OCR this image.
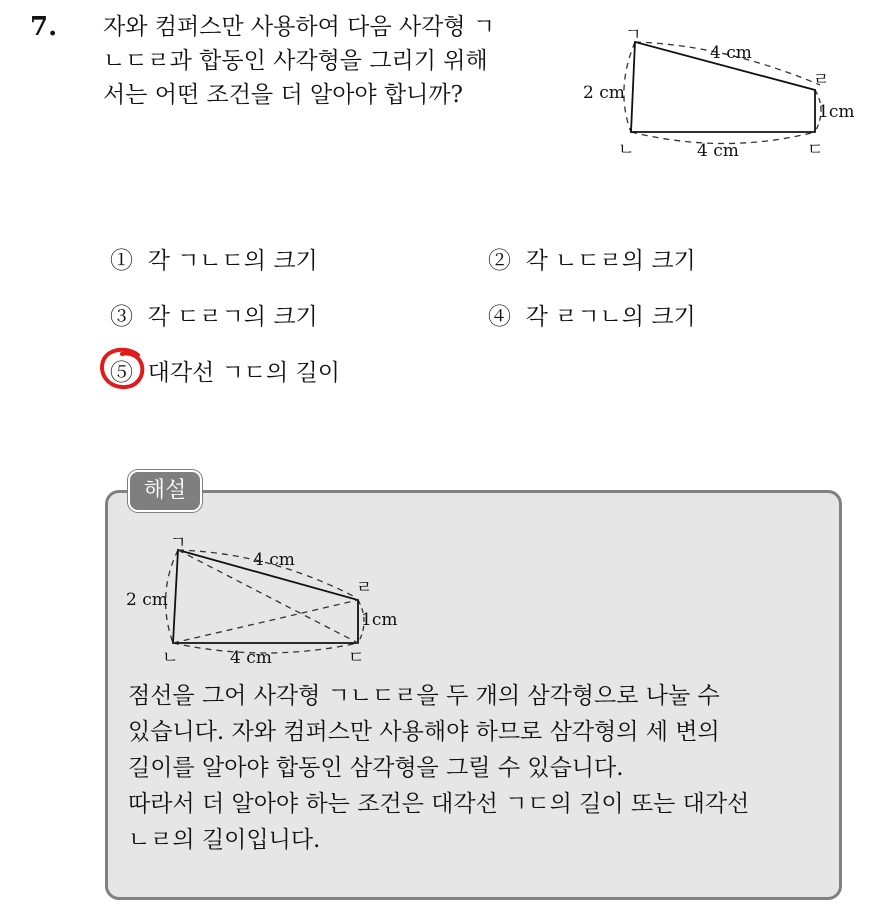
7. 자와 컴퍼스만 사용하여 다음 사각형 ㄱ
ㄴㄷㄹ과 합동인 사각형을 그리기 위해
서는 어떤 조건을 더 알아야 합니까?
ㄱ
ㄴ	ㄷ
ㄹ
4 cm
2 cm
1cm
4 cm
① 각 ㄱㄴㄷ의 크기	② 각 ㄴㄷㄹ의 크기
③ 각 ㄷㄹㄱ의 크기	④ 각 ㄹㄱㄴ의 크기
⑤ 대각선 ㄱㄷ의 길이
해설
ㄱ
ㄴ	ㄷ
ㄹ
4 cm
2 cm
1cm
4 cm
점선을 그어 사각형 ㄱㄴㄷㄹ을 두 개의 삼각형으로 나눌 수
있습니다. 자와 컴퍼스만 사용해야 하므로 삼각형의 세 변의
길이를 알아야 합동인 삼각형을 그릴 수 있습니다.
따라서 더 알아야 하는 조건은 대각선 ㄱㄷ의 길이 또는 대각선
ㄴㄹ의 길이입니다.
